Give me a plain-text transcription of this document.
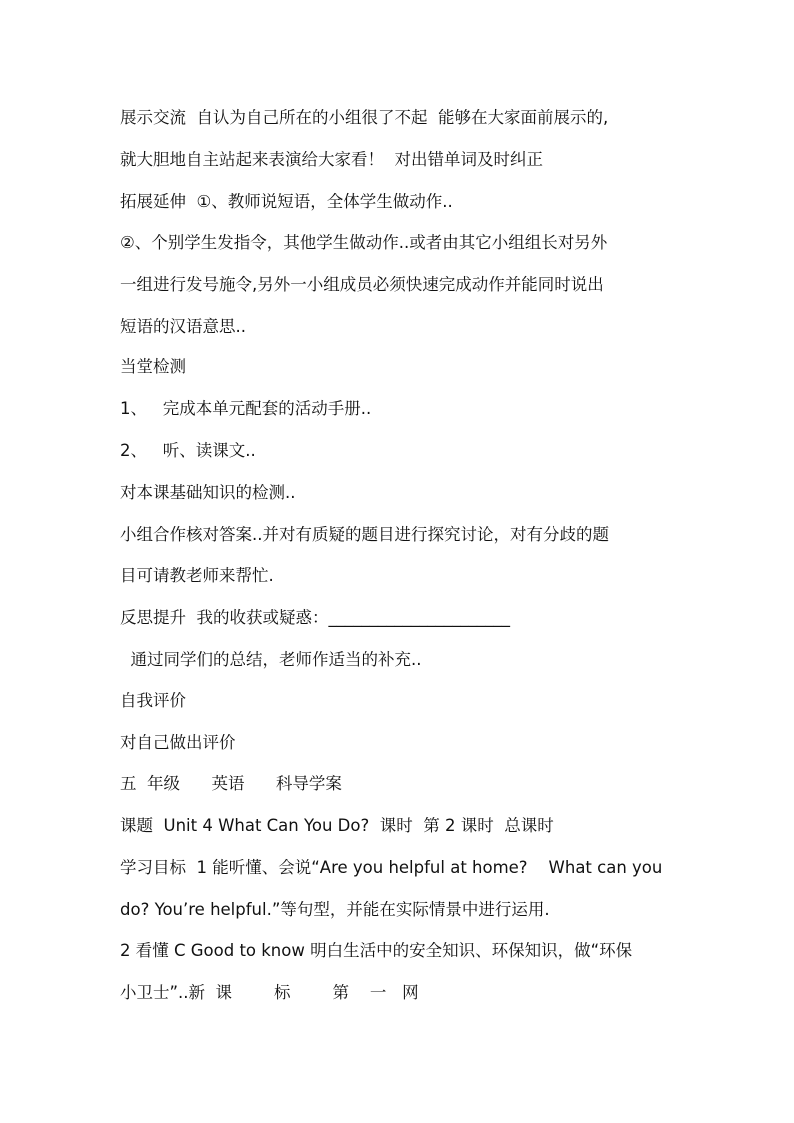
展示交流  自认为自己所在的小组很了不起  能够在大家面前展示的,
就大胆地自主站起来表演给大家看！  对出错单词及时纠正
拓展延伸  ①、教师说短语，全体学生做动作..
②、个别学生发指令，其他学生做动作..或者由其它小组组长对另外
一组进行发号施令,另外一小组成员必须快速完成动作并能同时说出
短语的汉语意思..
当堂检测
1、   完成本单元配套的活动手册..
2、   听、读课文..
对本课基础知识的检测..
小组合作核对答案..并对有质疑的题目进行探究讨论，对有分歧的题
目可请教老师来帮忙.
反思提升  我的收获或疑惑：______________________
通过同学们的总结，老师作适当的补充..
自我评价
对自己做出评价
五  年级      英语      科导学案
课题  Unit 4 What Can You Do?  课时  第 2 课时  总课时
学习目标  1 能听懂、会说“Are you helpful at home?    What can you
do? You’re helpful.”等句型，并能在实际情景中进行运用.
2 看懂 C Good to know 明白生活中的安全知识、环保知识，做“环保
小卫士”..新  课        标        第    一   网
